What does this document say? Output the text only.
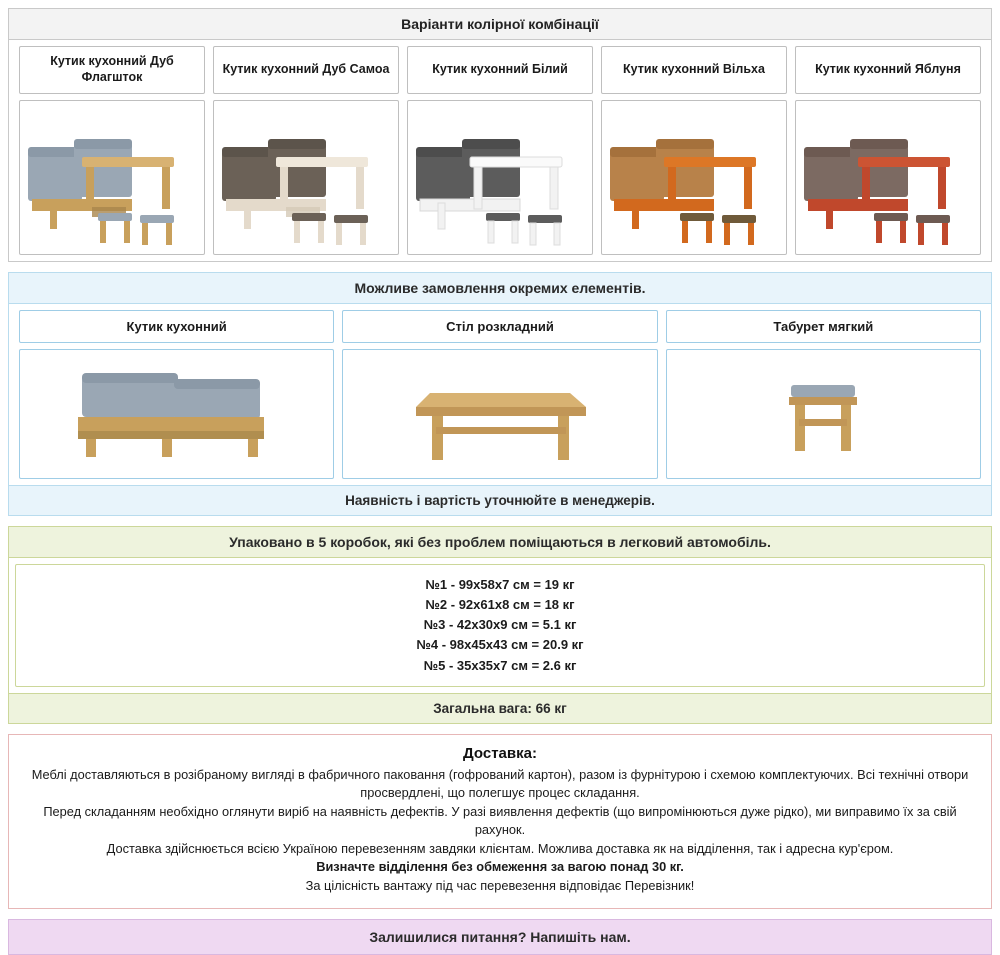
Варіанти колірної комбінації
Кутик кухонний Дуб Флагшток
Кутик кухонний Дуб Самоа	Кутик кухонний Білий	Кутик кухонний Вільха	Кутик кухонний Яблуня
Можливе замовлення окремих елементів.
Кутик кухонний	Стіл розкладний	Табурет мягкий
Наявність і вартість уточнюйте в менеджерів.
Упаковано в 5 коробок, які без проблем поміщаються в легковий автомобіль.
№1 - 99x58x7 см = 19 кг
№2 - 92x61x8 см = 18 кг
№3 - 42x30x9 см = 5.1 кг
№4 - 98x45x43 см = 20.9 кг
№5 - 35x35x7 см = 2.6 кг
Загальна вага: 66 кг
Доставка:
Меблі доставляються в розібраному вигляді в фабричного паковання (гофрований картон), разом із фурнітурою і схемою комплектуючих. Всі технічні отвори просвердлені, що полегшує процес складання.
Перед складанням необхідно оглянути виріб на наявність дефектів. У разі виявлення дефектів (що випромінюються дуже рідко), ми виправимо їх за свій рахунок.
Доставка здійснюється всією Україною перевезенням завдяки клієнтам. Можлива доставка як на відділення, так і адресна кур'єром.
Визначте відділення без обмеження за вагою понад 30 кг.
За цілісність вантажу під час перевезення відповідає Перевізник!
Залишилися питання? Напишіть нам.
